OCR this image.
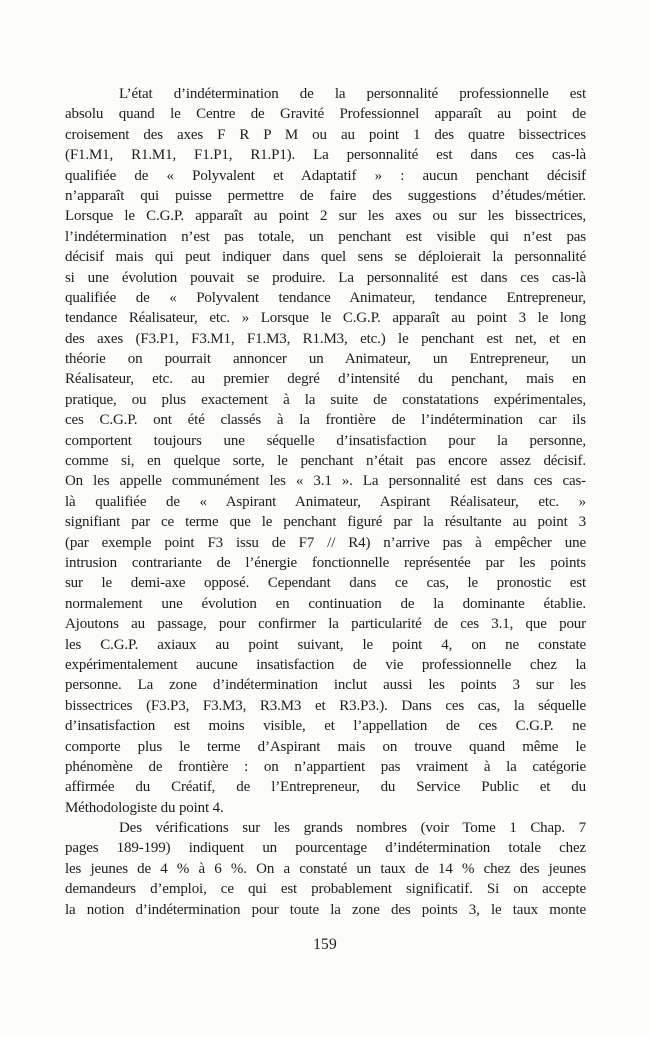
L’état d’indétermination de la personnalité professionnelle est
absolu quand le Centre de Gravité Professionnel apparaît au point de
croisement des axes F R P M ou au point 1 des quatre bissectrices
(F1.M1, R1.M1, F1.P1, R1.P1). La personnalité est dans ces cas-là
qualifiée de « Polyvalent et Adaptatif » : aucun penchant décisif
n’apparaît qui puisse permettre de faire des suggestions d’études/métier.
Lorsque le C.G.P. apparaît au point 2 sur les axes ou sur les bissectrices,
l’indétermination n’est pas totale, un penchant est visible qui n’est pas
décisif mais qui peut indiquer dans quel sens se déploierait la personnalité
si une évolution pouvait se produire. La personnalité est dans ces cas-là
qualifiée de « Polyvalent tendance Animateur, tendance Entrepreneur,
tendance Réalisateur, etc. » Lorsque le C.G.P. apparaît au point 3 le long
des axes (F3.P1, F3.M1, F1.M3, R1.M3, etc.) le penchant est net, et en
théorie on pourrait annoncer un Animateur, un Entrepreneur, un
Réalisateur, etc. au premier degré d’intensité du penchant, mais en
pratique, ou plus exactement à la suite de constatations expérimentales,
ces C.G.P. ont été classés à la frontière de l’indétermination car ils
comportent toujours une séquelle d’insatisfaction pour la personne,
comme si, en quelque sorte, le penchant n’était pas encore assez décisif.
On les appelle communément les « 3.1 ». La personnalité est dans ces cas-
là qualifiée de « Aspirant Animateur, Aspirant Réalisateur, etc. »
signifiant par ce terme que le penchant figuré par la résultante au point 3
(par exemple point F3 issu de F7 // R4) n’arrive pas à empêcher une
intrusion contrariante de l’énergie fonctionnelle représentée par les points
sur le demi-axe opposé. Cependant dans ce cas, le pronostic est
normalement une évolution en continuation de la dominante établie.
Ajoutons au passage, pour confirmer la particularité de ces 3.1, que pour
les C.G.P. axiaux au point suivant, le point 4, on ne constate
expérimentalement aucune insatisfaction de vie professionnelle chez la
personne. La zone d’indétermination inclut aussi les points 3 sur les
bissectrices (F3.P3, F3.M3, R3.M3 et R3.P3.). Dans ces cas, la séquelle
d’insatisfaction est moins visible, et l’appellation de ces C.G.P. ne
comporte plus le terme d’Aspirant mais on trouve quand même le
phénomène de frontière : on n’appartient pas vraiment à la catégorie
affirmée du Créatif, de l’Entrepreneur, du Service Public et du
Méthodologiste du point 4.
Des vérifications sur les grands nombres (voir Tome 1 Chap. 7
pages 189-199) indiquent un pourcentage d’indétermination totale chez
les jeunes de 4 % à 6 %. On a constaté un taux de 14 % chez des jeunes
demandeurs d’emploi, ce qui est probablement significatif. Si on accepte
la notion d’indétermination pour toute la zone des points 3, le taux monte
159
